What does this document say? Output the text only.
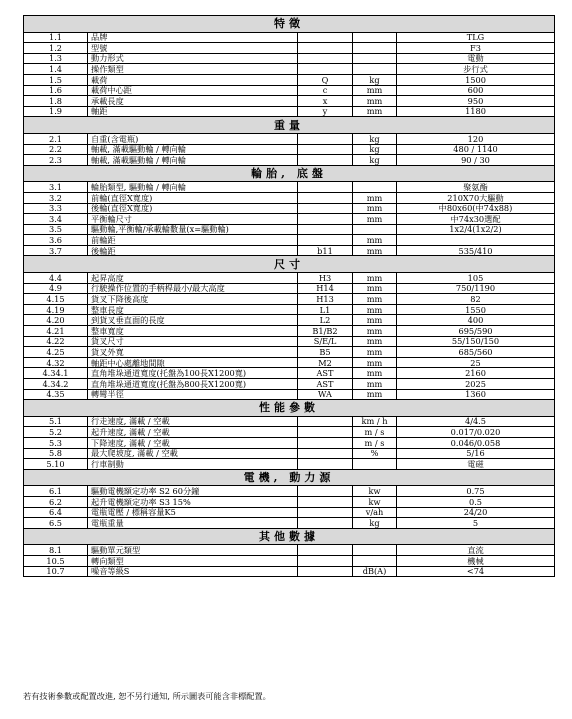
特徵				
1.1	品牌			TLG
1.2	型號			F3
1.3	動力形式			電動
1.4	操作類型			步行式
1.5	載荷	Q	kg	1500
1.6	載荷中心距	c	mm	600
1.8	承載長度	x	mm	950
1.9	軸距	y	mm	1180
重量				
2.1	自重(含電瓶)		kg	120
2.2	軸載, 滿載驅動輪 / 轉向輪		kg	480 / 1140
2.3	軸載, 滿載驅動輪 / 轉向輪		kg	90 / 30
輪胎, 底盤				
3.1	輪胎類型, 驅動輪 / 轉向輪			聚氨酯
3.2	前輪(直徑X寬度)		mm	210X70大驅動
3.3	後輪(直徑X寬度)		mm	中80x60(中74x88)
3.4	平衡輪尺寸		mm	中74x30選配
3.5	驅動輪,平衡輪/承載輪數量(x=驅動輪)			1x2/4(1x2/2)
3.6	前輪距		mm	
3.7	後輪距	b11	mm	535/410
尺寸				
4.4	起昇高度	H3	mm	105
4.9	行駛操作位置的手柄桿最小/最大高度	H14	mm	750/1190
4.15	貨叉下降後高度	H13	mm	82
4.19	整車長度	L1	mm	1550
4.20	到貨叉垂直面的長度	L2	mm	400
4.21	整車寬度	B1/B2	mm	695/590
4.22	貨叉尺寸	S/E/L	mm	55/150/150
4.25	貨叉外寬	B5	mm	685/560
4.32	軸距中心處離地間隙	M2	mm	25
4.34.1	直角堆垛通道寬度(托盤為100長X1200寬)	AST	mm	2160
4.34.2	直角堆垛通道寬度(托盤為800長X1200寬)	AST	mm	2025
4.35	轉彎半徑	WA	mm	1360
性能參數				
5.1	行走速度, 滿載 / 空載		km / h	4/4.5
5.2	起升速度, 滿載 / 空載		m / s	0.017/0.020
5.3	下降速度, 滿載 / 空載		m / s	0.046/0.058
5.8	最大爬坡度, 滿載 / 空載		%	5/16
5.10	行車制動			電磁
電機, 動力源				
6.1	驅動電機額定功率 S2 60分鐘		kw	0.75
6.2	起升電機額定功率 S3 15%		kw	0.5
6.4	電瓶電壓 / 標稱容量K5		v/ah	24/20
6.5	電瓶重量		kg	5
其他數據				
8.1	驅動單元類型			直流
10.5	轉向類型			機械
10.7	噪音等級S		dB(A)	<74
若有技術參數或配置改進, 恕不另行通知, 所示圖表可能含非標配置。
